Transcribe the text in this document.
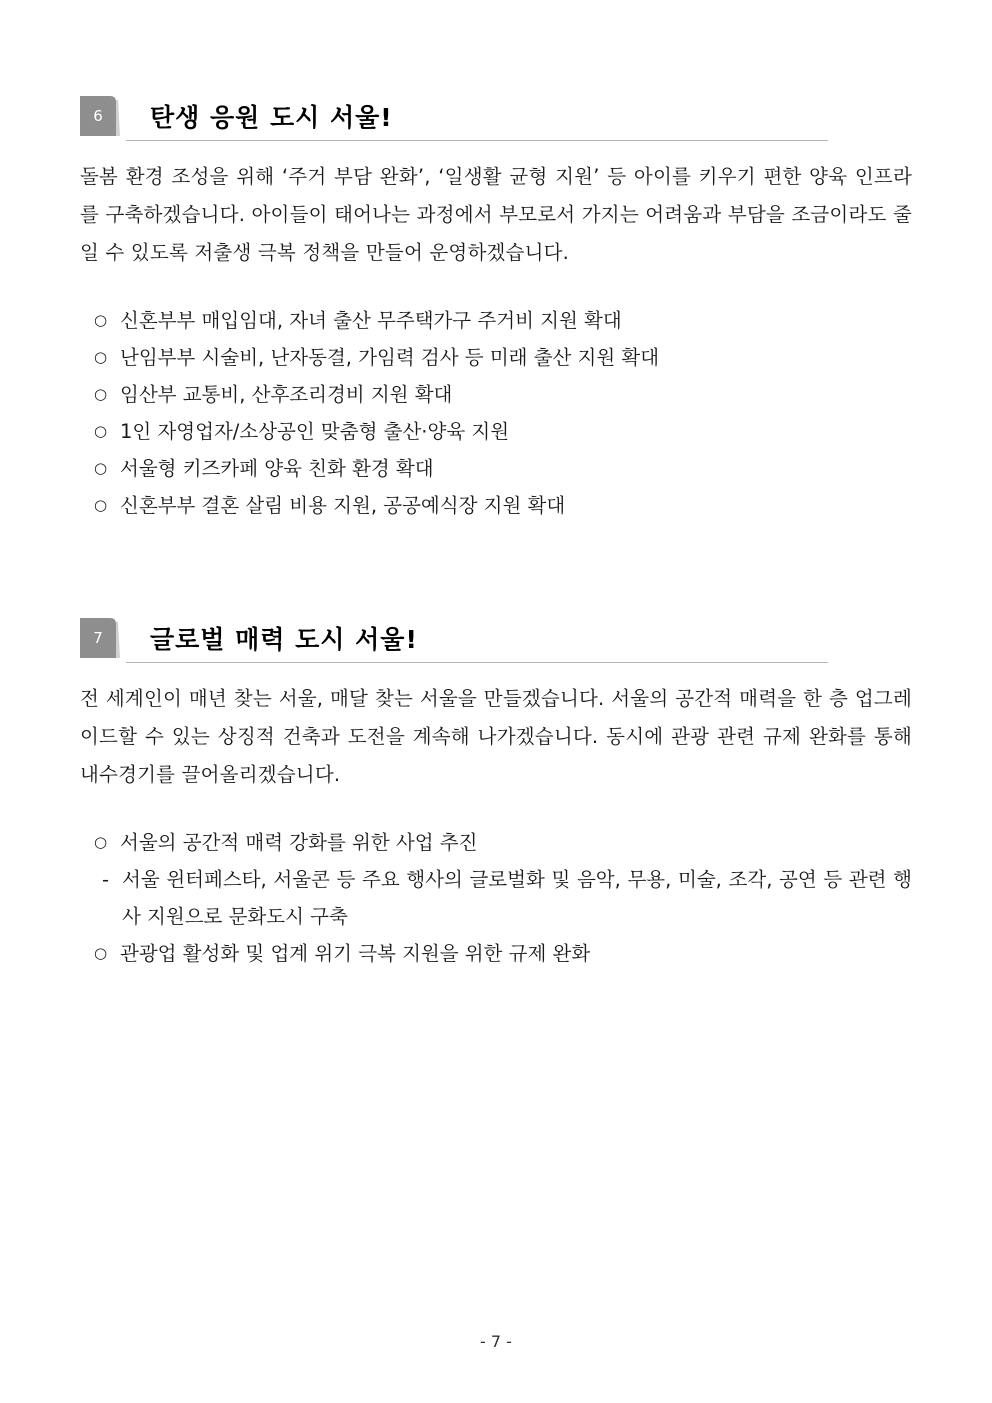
6	탄생 응원 도시 서울!

돌봄 환경 조성을 위해 ‘주거 부담 완화’, ‘일생활 균형 지원’ 등 아이를 키우기 편한 양육 인프라를 구축하겠습니다. 아이들이 태어나는 과정에서 부모로서 가지는 어려움과 부담을 조금이라도 줄일 수 있도록 저출생 극복 정책을 만들어 운영하겠습니다.

○ 신혼부부 매입임대, 자녀 출산 무주택가구 주거비 지원 확대
○ 난임부부 시술비, 난자동결, 가임력 검사 등 미래 출산 지원 확대
○ 임산부 교통비, 산후조리경비 지원 확대
○ 1인 자영업자/소상공인 맞춤형 출산·양육 지원
○ 서울형 키즈카페 양육 친화 환경 확대
○ 신혼부부 결혼 살림 비용 지원, 공공예식장 지원 확대
7	글로벌 매력 도시 서울!

전 세계인이 매년 찾는 서울, 매달 찾는 서울을 만들겠습니다. 서울의 공간적 매력을 한 층 업그레이드할 수 있는 상징적 건축과 도전을 계속해 나가겠습니다. 동시에 관광 관련 규제 완화를 통해 내수경기를 끌어올리겠습니다.

○ 서울의 공간적 매력 강화를 위한 사업 추진
- 서울 윈터페스타, 서울콘 등 주요 행사의 글로벌화 및 음악, 무용, 미술, 조각, 공연 등 관련 행사 지원으로 문화도시 구축
○ 관광업 활성화 및 업계 위기 극복 지원을 위한 규제 완화
- 7 -
